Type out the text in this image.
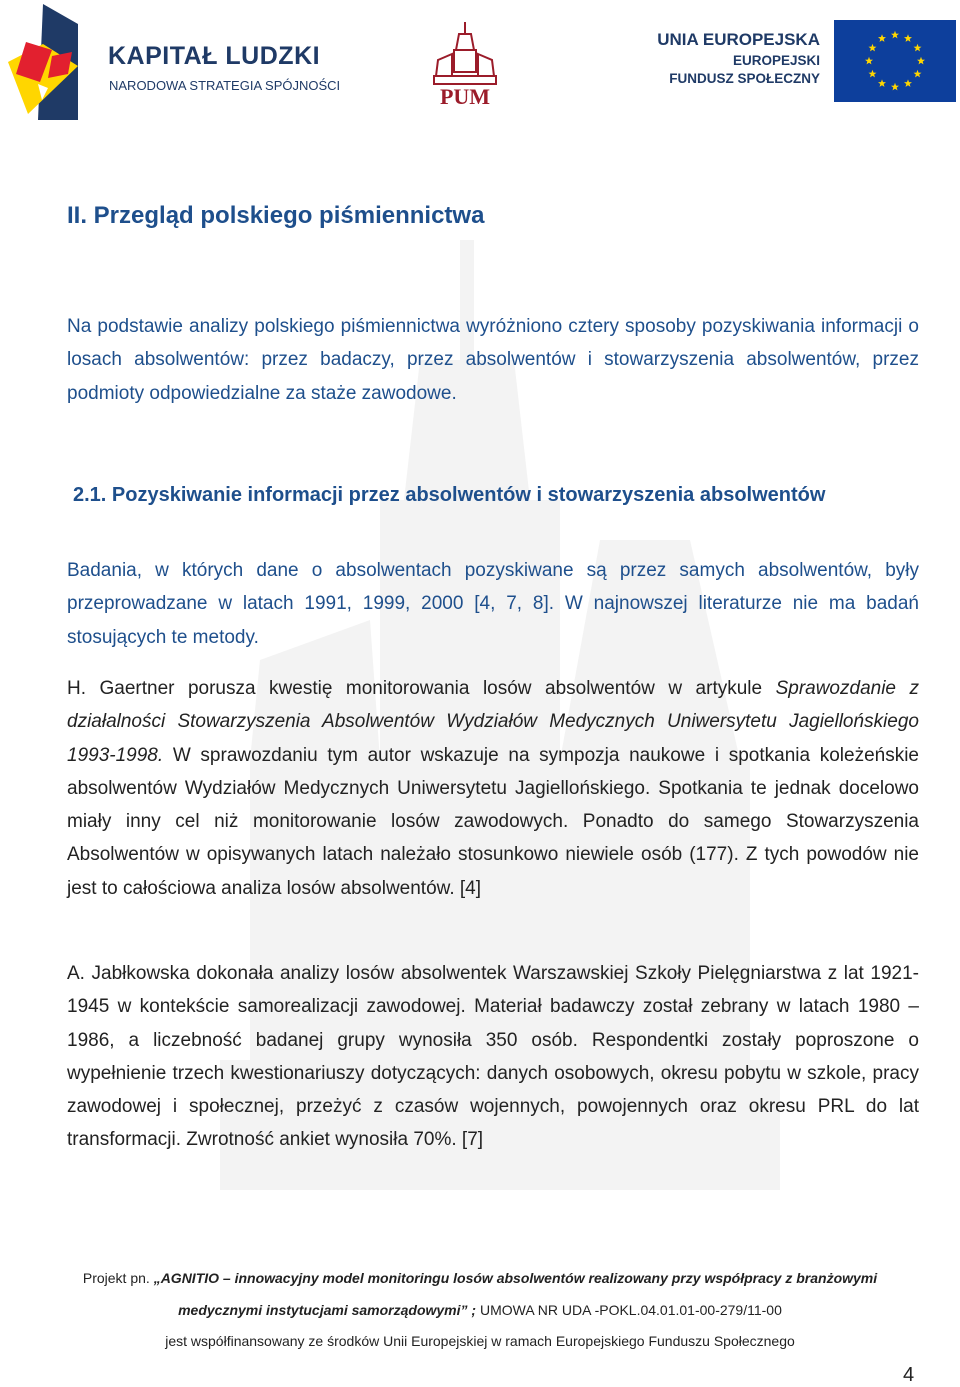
KAPITAŁ LUDZKI
NARODOWA STRATEGIA SPÓJNOŚCI	PUM
UNIA EUROPEJSKA
EUROPEJSKI
FUNDUSZ SPOŁECZNY
II. Przegląd polskiego piśmiennictwa

Na podstawie analizy polskiego piśmiennictwa wyróżniono cztery sposoby pozyskiwania informacji o losach absolwentów: przez badaczy, przez absolwentów i stowarzyszenia absolwentów, przez podmioty odpowiedzialne za staże zawodowe.

2.1. Pozyskiwanie informacji przez absolwentów i stowarzyszenia absolwentów

Badania, w których dane o absolwentach pozyskiwane są przez samych absolwentów, były przeprowadzane w latach 1991, 1999, 2000 [4, 7, 8]. W najnowszej literaturze nie ma badań stosujących te metody.

H. Gaertner porusza kwestię monitorowania losów absolwentów w artykule Sprawozdanie z działalności Stowarzyszenia Absolwentów Wydziałów Medycznych Uniwersytetu Jagiellońskiego 1993-1998. W sprawozdaniu tym autor wskazuje na sympozja naukowe i spotkania koleżeńskie absolwentów Wydziałów Medycznych Uniwersytetu Jagiellońskiego. Spotkania te jednak docelowo miały inny cel niż monitorowanie losów zawodowych. Ponadto do samego Stowarzyszenia Absolwentów w opisywanych latach należało stosunkowo niewiele osób (177). Z tych powodów nie jest to całościowa analiza losów absolwentów. [4]

A. Jabłkowska dokonała analizy losów absolwentek Warszawskiej Szkoły Pielęgniarstwa z lat 1921-1945 w kontekście samorealizacji zawodowej. Materiał badawczy został zebrany w latach 1980 – 1986, a liczebność badanej grupy wynosiła 350 osób. Respondentki zostały poproszone o wypełnienie trzech kwestionariuszy dotyczących: danych osobowych, okresu pobytu w szkole, pracy zawodowej i społecznej, przeżyć z czasów wojennych, powojennych oraz okresu PRL do lat transformacji. Zwrotność ankiet wynosiła 70%. [7]

Projekt pn. „AGNITIO – innowacyjny model monitoringu losów absolwentów realizowany przy współpracy z branżowymi
medycznymi instytucjami samorządowymi” ; UMOWA NR UDA -POKL.04.01.01-00-279/11-00
jest współfinansowany ze środków Unii Europejskiej w ramach Europejskiego Funduszu Społecznego
4
